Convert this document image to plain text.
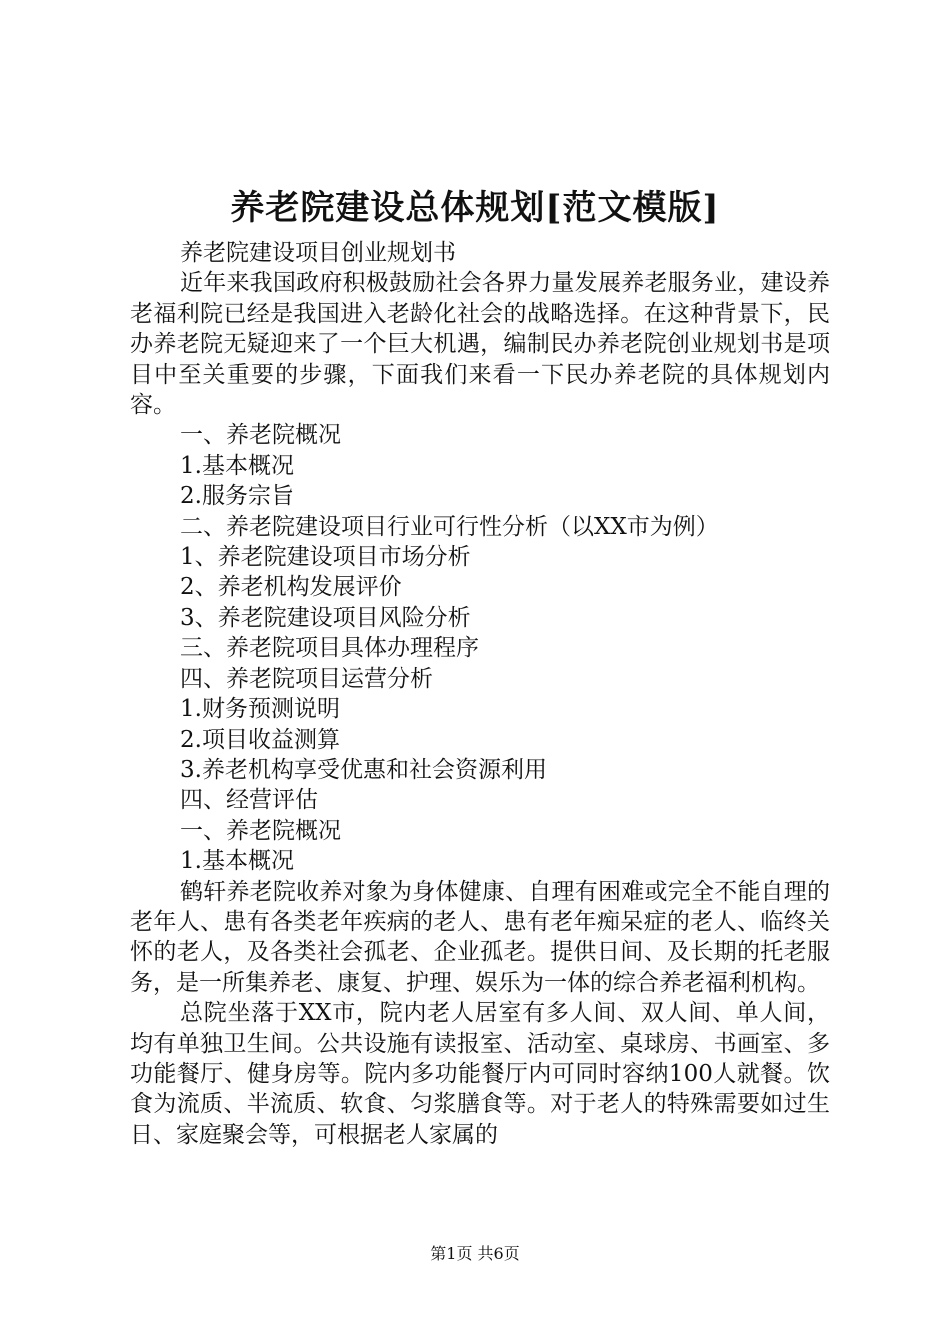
养老院建设总体规划[范文模版]

养老院建设项目创业规划书

近年来我国政府积极鼓励社会各界力量发展养老服务业，建设养老福利院已经是我国进入老龄化社会的战略选择。在这种背景下，民办养老院无疑迎来了一个巨大机遇，编制民办养老院创业规划书是项目中至关重要的步骤，下面我们来看一下民办养老院的具体规划内容。

一、养老院概况

1.基本概况

2.服务宗旨

二、养老院建设项目行业可行性分析（以XX市为例）

1、养老院建设项目市场分析

2、养老机构发展评价

3、养老院建设项目风险分析

三、养老院项目具体办理程序

四、养老院项目运营分析

1.财务预测说明

2.项目收益测算

3.养老机构享受优惠和社会资源利用

四、经营评估

一、养老院概况

1.基本概况

鹤轩养老院收养对象为身体健康、自理有困难或完全不能自理的老年人、患有各类老年疾病的老人、患有老年痴呆症的老人、临终关怀的老人，及各类社会孤老、企业孤老。提供日间、及长期的托老服务，是一所集养老、康复、护理、娱乐为一体的综合养老福利机构。

总院坐落于XX市，院内老人居室有多人间、双人间、单人间，均有单独卫生间。公共设施有读报室、活动室、桌球房、书画室、多功能餐厅、健身房等。院内多功能餐厅内可同时容纳100人就餐。饮食为流质、半流质、软食、匀浆膳食等。对于老人的特殊需要如过生日、家庭聚会等，可根据老人家属的

第1页 共6页
